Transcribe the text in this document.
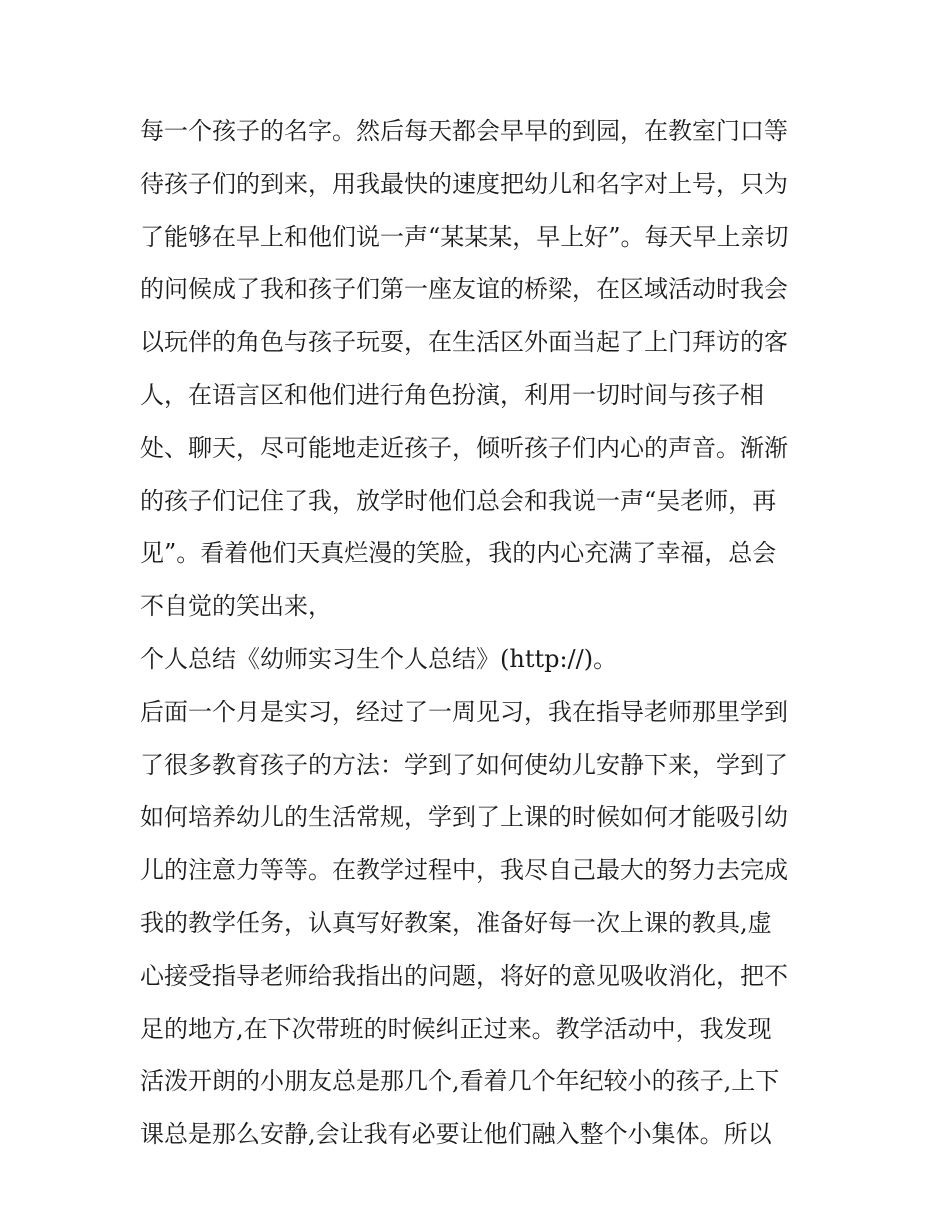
每一个孩子的名字。然后每天都会早早的到园，在教室门口等
待孩子们的到来，用我最快的速度把幼儿和名字对上号，只为
了能够在早上和他们说一声“某某某，早上好”。每天早上亲切
的问候成了我和孩子们第一座友谊的桥梁，在区域活动时我会
以玩伴的角色与孩子玩耍，在生活区外面当起了上门拜访的客
人，在语言区和他们进行角色扮演，利用一切时间与孩子相
处、聊天，尽可能地走近孩子，倾听孩子们内心的声音。渐渐
的孩子们记住了我，放学时他们总会和我说一声“吴老师，再
见”。看着他们天真烂漫的笑脸，我的内心充满了幸福，总会
不自觉的笑出来，
个人总结《幼师实习生个人总结》(http://)。
后面一个月是实习，经过了一周见习，我在指导老师那里学到
了很多教育孩子的方法：学到了如何使幼儿安静下来，学到了
如何培养幼儿的生活常规，学到了上课的时候如何才能吸引幼
儿的注意力等等。在教学过程中，我尽自己最大的努力去完成
我的教学任务，认真写好教案，准备好每一次上课的教具,虚
心接受指导老师给我指出的问题，将好的意见吸收消化，把不
足的地方,在下次带班的时候纠正过来。教学活动中，我发现
活泼开朗的小朋友总是那几个,看着几个年纪较小的孩子,上下
课总是那么安静,会让我有必要让他们融入整个小集体。所以
